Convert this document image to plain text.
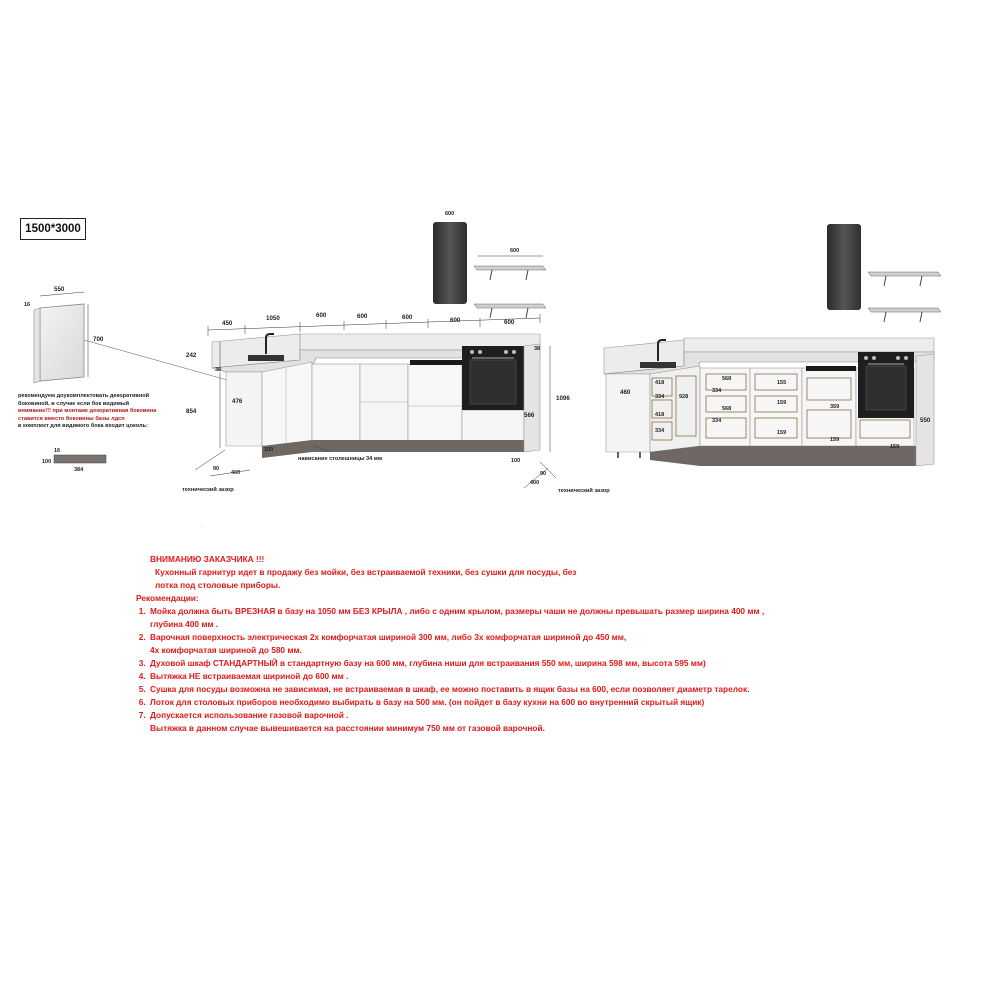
1500*3000
550
16
700
16
100
384
600
600
450
1050	600	600	600	600	600
242
854
38
476
100
1096
38
566
100
нависание столешницы 34 мм
90
400
технический зазор
90
400
технический зазор
460
418
334	928
418
334
568
334
568
334
155
159
159
359
159
159
550
.
рекомендуем доукомплектовать декоративной боковиной, в случае если бок видимый
внимание!!! при монтаже декоративная боковина ставится вместо боковины базы лдсп
в комплект для видимого бока входит цоколь:
ВНИМАНИЮ ЗАКАЗЧИКА !!!
Кухонный гарнитур идет в продажу без мойки, без встраиваемой техники, без сушки для посуды, без
лотка под столовые приборы.
Рекомендации:
1. Мойка должна быть ВРЕЗНАЯ в базу на 1050 мм БЕЗ КРЫЛА , либо с одним крылом, размеры чаши не должны превышать размер ширина 400 мм ,
глубина 400 мм .
2. Варочная поверхность электрическая 2х комфорчатая шириной 300 мм, либо 3х комфорчатая шириной до 450 мм,
4х комфорчатая шириной до 580 мм.
3. Духовой шкаф СТАНДАРТНЫЙ в стандартную базу на 600 мм, глубина ниши для встраивания 550 мм, ширина 598 мм, высота 595 мм)
4. Вытяжка НЕ встраиваемая шириной до 600 мм .
5. Сушка для посуды возможна не зависимая, не встраиваемая в шкаф, ее можно поставить в ящик базы на 600, если позволяет диаметр тарелок.
6. Лоток для столовых приборов необходимо выбирать в базу на 500 мм. (он пойдет в базу кухни на 600 во внутренний скрытый ящик)
7. Допускается использование газовой варочной .
Вытяжка в данном случае вывешивается на расстоянии минимум 750 мм от газовой варочной.
